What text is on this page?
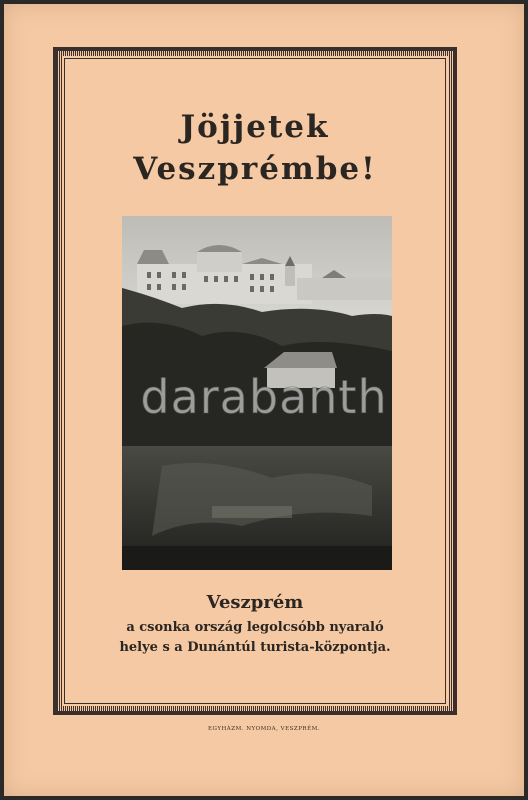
Jöjjetek
Veszprémbe!
darabanth
Veszprém
a csonka ország legolcsóbb nyaraló
helye s a Dunántúl turista-központja.
EGYHÁZM. NYOMDA, VESZPRÉM.
